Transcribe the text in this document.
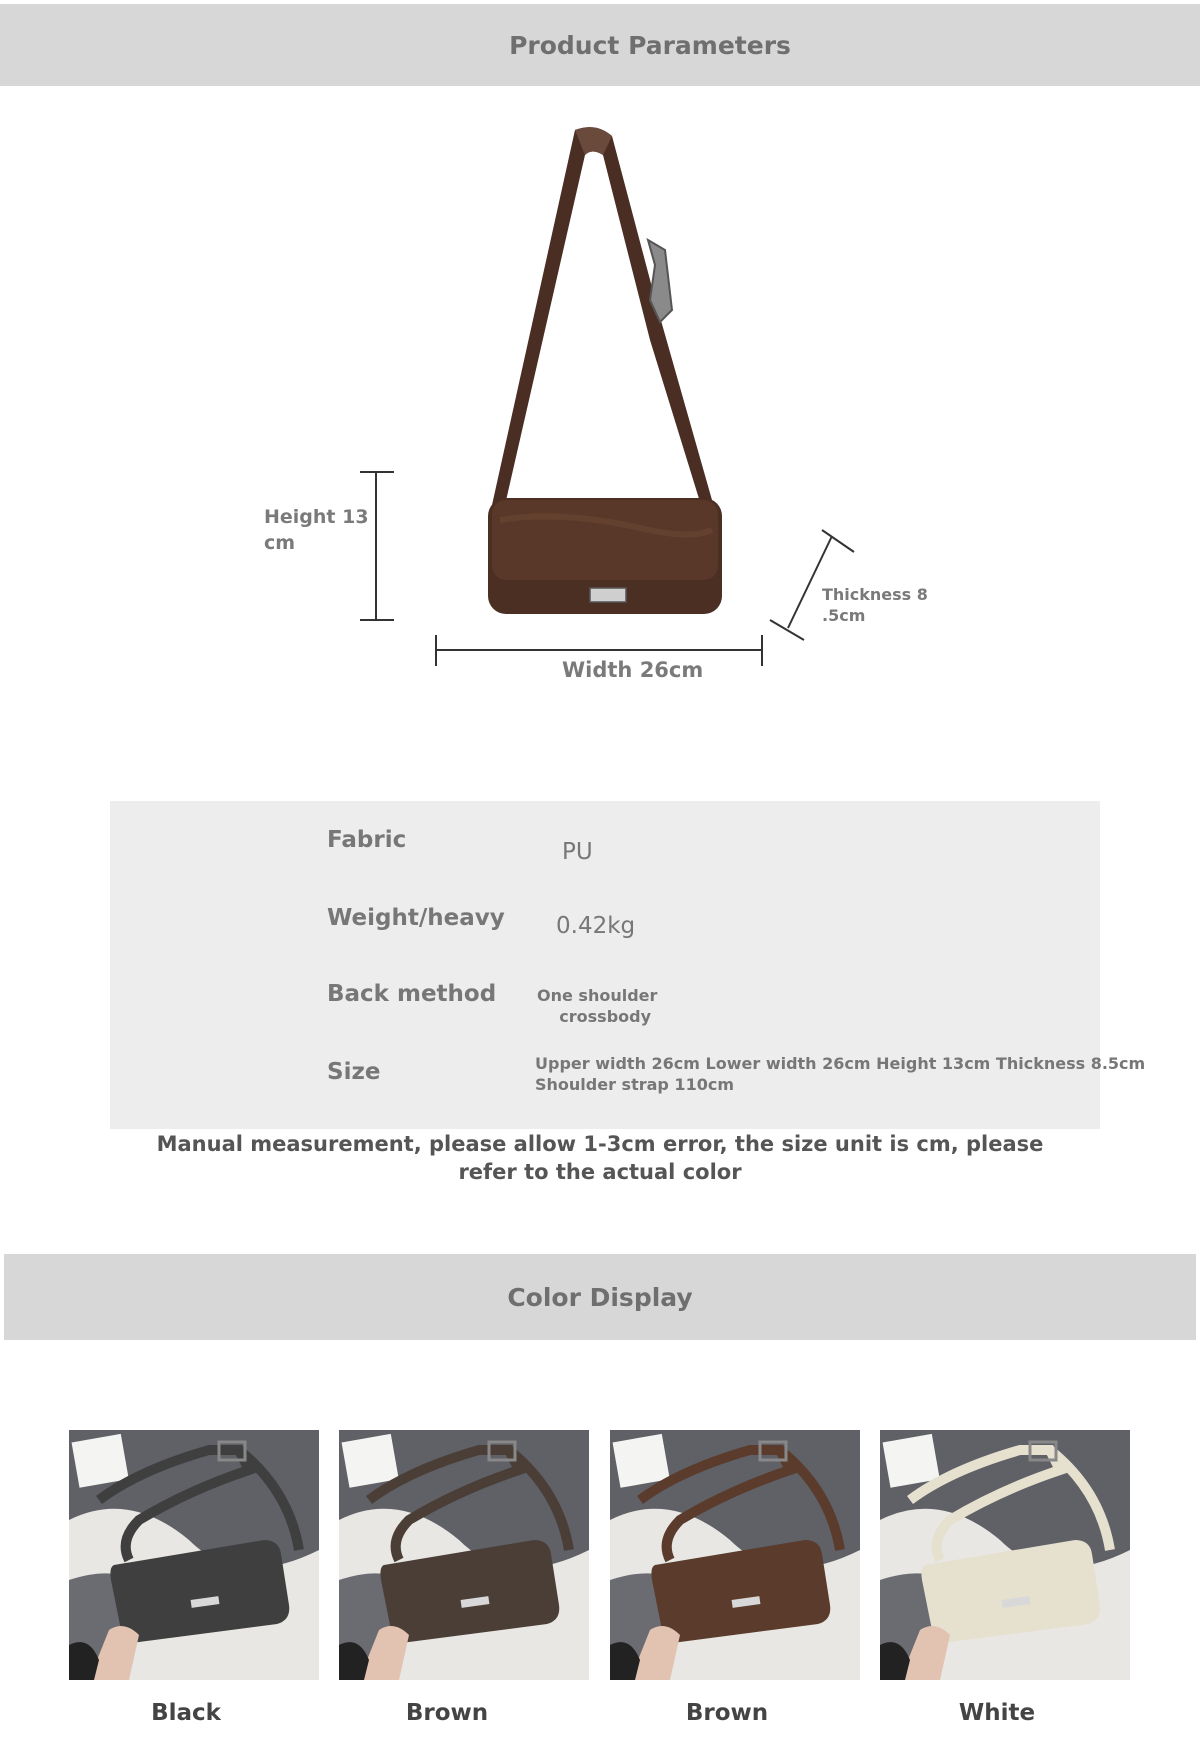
Product Parameters
Height 13
cm
Width 26cm
Thickness 8
.5cm
Fabric	PU
Weight/heavy 0.42kg
Back method	One shoulder
crossbody
Size	Upper width 26cm Lower width 26cm Height 13cm Thickness 8.5cm
Shoulder strap 110cm
Manual measurement, please allow 1-3cm error, the size unit is cm, please refer to the actual color
Color Display
Black	Brown	Brown	White
